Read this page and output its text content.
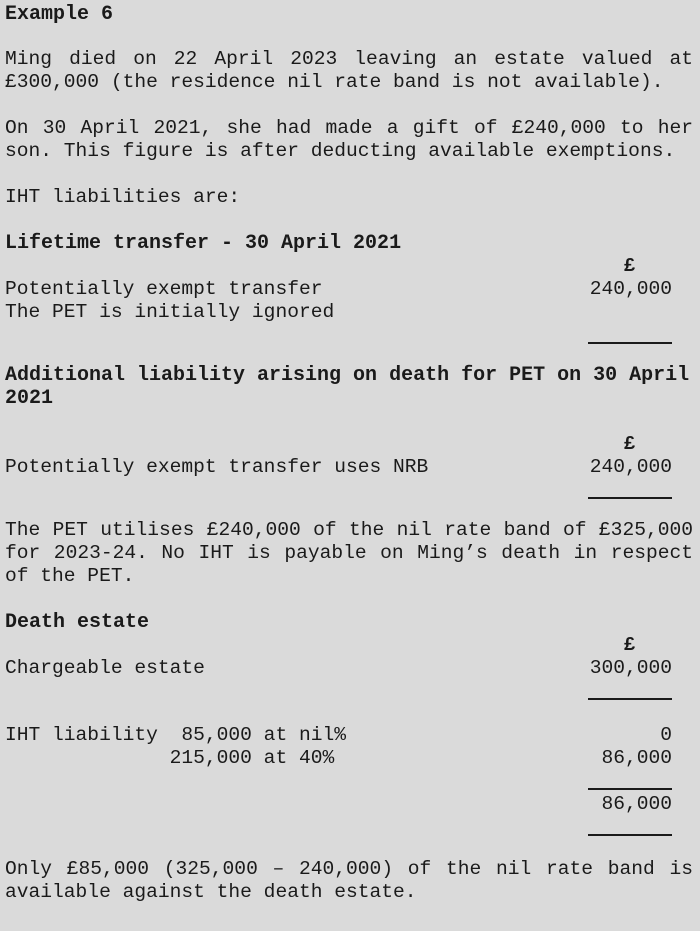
Example 6

Ming died on 22 April 2023 leaving an estate valued at £300,000 (the residence nil rate band is not available).

On 30 April 2021, she had made a gift of £240,000 to her son. This figure is after deducting available exemptions.

IHT liabilities are:

Lifetime transfer - 30 April 2021
£
Potentially exempt transfer	240,000
The PET is initially ignored
Additional liability arising on death for PET on 30 April 2021
£
Potentially exempt transfer uses NRB	240,000

The PET utilises £240,000 of the nil rate band of £325,000 for 2023-24. No IHT is payable on Ming’s death in respect of the PET.

Death estate
£
Chargeable estate	300,000
IHT liability  85,000 at nil%	0
215,000 at 40%	86,000
86,000

Only £85,000 (325,000 – 240,000) of the nil rate band is available against the death estate.
